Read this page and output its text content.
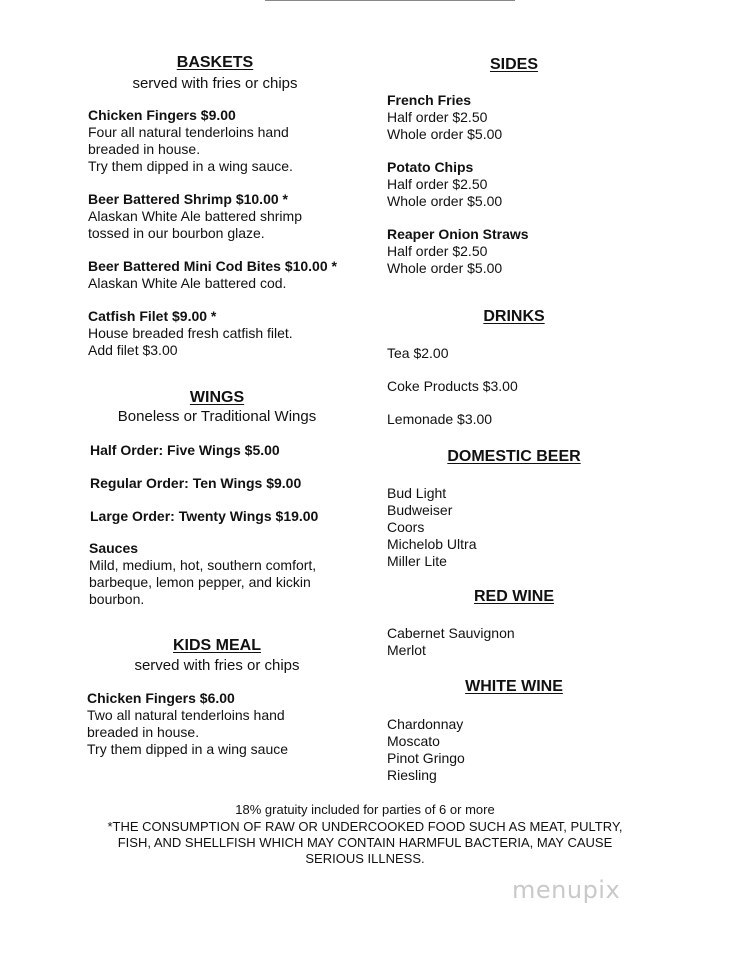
BASKETS
served with fries or chips
Chicken Fingers $9.00
Four all natural tenderloins hand
breaded in house.
Try them dipped in a wing sauce.
Beer Battered Shrimp $10.00 *
Alaskan White Ale battered shrimp
tossed in our bourbon glaze.
Beer Battered Mini Cod Bites $10.00 *
Alaskan White Ale battered cod.
Catfish Filet $9.00 *
House breaded fresh catfish filet.
Add filet $3.00
WINGS
Boneless or Traditional Wings
Half Order: Five Wings $5.00
Regular Order: Ten Wings $9.00
Large Order: Twenty Wings $19.00
Sauces
Mild, medium, hot, southern comfort,
barbeque, lemon pepper, and kickin
bourbon.
KIDS MEAL
served with fries or chips
Chicken Fingers $6.00
Two all natural tenderloins hand
breaded in house.
Try them dipped in a wing sauce
SIDES
French Fries
Half order $2.50
Whole order $5.00
Potato Chips
Half order $2.50
Whole order $5.00
Reaper Onion Straws
Half order $2.50
Whole order $5.00
DRINKS
Tea $2.00
Coke Products $3.00
Lemonade $3.00
DOMESTIC BEER
Bud Light
Budweiser
Coors
Michelob Ultra
Miller Lite
RED WINE
Cabernet Sauvignon
Merlot
WHITE WINE
Chardonnay
Moscato
Pinot Gringo
Riesling
18% gratuity included for parties of 6 or more
*THE CONSUMPTION OF RAW OR UNDERCOOKED FOOD SUCH AS MEAT, PULTRY,
FISH, AND SHELLFISH WHICH MAY CONTAIN HARMFUL BACTERIA, MAY CAUSE
SERIOUS ILLNESS.
menupix
